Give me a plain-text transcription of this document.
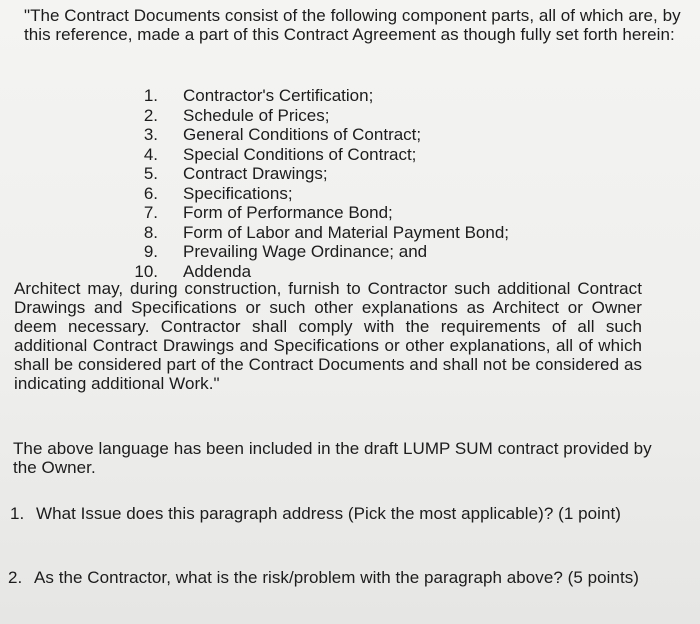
"The Contract Documents consist of the following component parts, all of which are, by this reference, made a part of this Contract Agreement as though fully set forth herein:

1. Contractor's Certification;
2. Schedule of Prices;
3. General Conditions of Contract;
4. Special Conditions of Contract;
5. Contract Drawings;
6. Specifications;
7. Form of Performance Bond;
8. Form of Labor and Material Payment Bond;
9. Prevailing Wage Ordinance; and
10. Addenda

Architect may, during construction, furnish to Contractor such additional Contract Drawings and Specifications or such other explanations as Architect or Owner deem necessary. Contractor shall comply with the requirements of all such additional Contract Drawings and Specifications or other explanations, all of which shall be considered part of the Contract Documents and shall not be considered as indicating additional Work."

The above language has been included in the draft LUMP SUM contract provided by the Owner.

1. What Issue does this paragraph address (Pick the most applicable)? (1 point)

2. As the Contractor, what is the risk/problem with the paragraph above? (5 points)
